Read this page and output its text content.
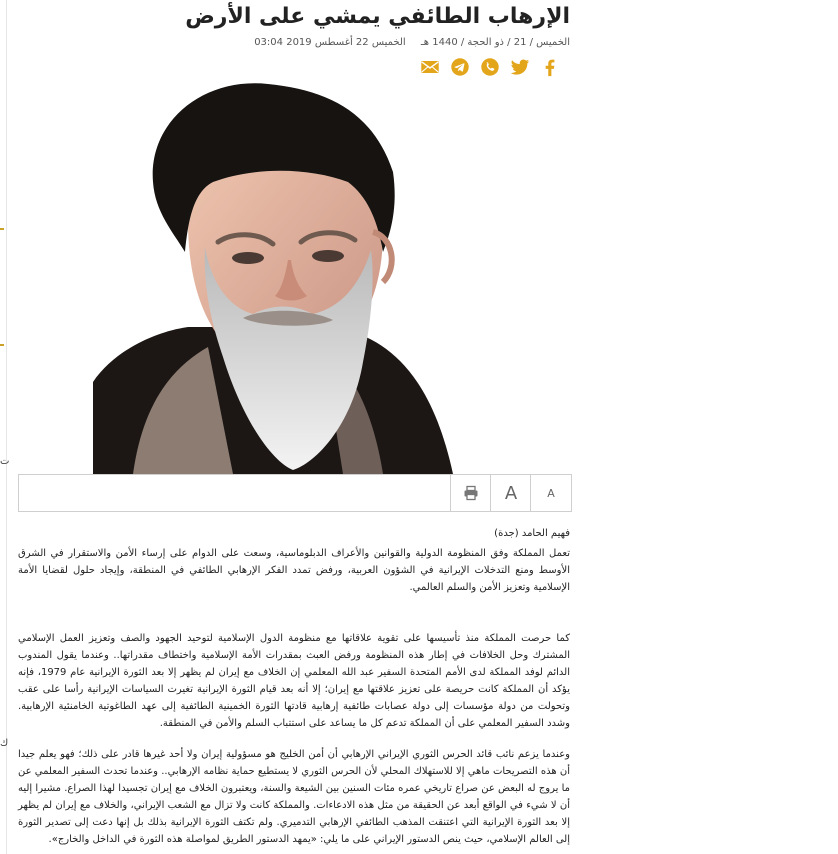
ت
ك
الإرهاب الطائفي يمشي على الأرض
الخميس / 21 / ذو الحجة / 1440 هـ الخميس 22 أغسطس 2019 03:04
A
A
فهيم الحامد (جدة)
تعمل المملكة وفق المنظومة الدولية والقوانين والأعراف الدبلوماسية، وسعت على الدوام على إرساء الأمن والاستقرار في الشرق الأوسط ومنع التدخلات الإيرانية في الشؤون العربية، ورفض تمدد الفكر الإرهابي الطائفي في المنطقة، وإيجاد حلول لقضايا الأمة الإسلامية وتعزيز الأمن والسلم العالمي.
كما حرصت المملكة منذ تأسيسها على تقوية علاقاتها مع منظومة الدول الإسلامية لتوحيد الجهود والصف وتعزيز العمل الإسلامي المشترك وحل الخلافات في إطار هذه المنظومة ورفض العبث بمقدرات الأمة الإسلامية واختطاف مقدراتها.. وعندما يقول المندوب الدائم لوفد المملكة لدى الأمم المتحدة السفير عبد الله المعلمي إن الخلاف مع إيران لم يظهر إلا بعد الثورة الإيرانية عام 1979، فإنه يؤكد أن المملكة كانت حريصة على تعزيز علاقتها مع إيران؛ إلا أنه بعد قيام الثورة الإيرانية تغيرت السياسات الإيرانية رأسا على عقب وتحولت من دولة مؤسسات إلى دولة عصابات طائفية إرهابية قادتها الثورة الخمينية الطائفية إلى عهد الطاغوتية الخامنئية الإرهابية. وشدد السفير المعلمي على أن المملكة تدعم كل ما يساعد على استتباب السلم والأمن في المنطقة.
وعندما يزعم نائب قائد الحرس الثوري الإيراني الإرهابي أن أمن الخليج هو مسؤولية إيران ولا أحد غيرها قادر على ذلك؛ فهو يعلم جيدا أن هذه التصريحات ماهي إلا للاستهلاك المحلي لأن الحرس الثوري لا يستطيع حماية نظامه الإرهابي.. وعندما تحدث السفير المعلمي عن ما يروج له البعض عن صراع تاريخي عمره مئات السنين بين الشيعة والسنة، ويعتبرون الخلاف مع إيران تجسيدا لهذا الصراع. مشيرا إليه أن لا شيء في الواقع أبعد عن الحقيقة من مثل هذه الادعاءات. والمملكة كانت ولا تزال مع الشعب الإيراني، والخلاف مع إيران لم يظهر إلا بعد الثورة الإيرانية التي اعتنقت المذهب الطائفي الإرهابي التدميري. ولم تكتف الثورة الإيرانية بذلك بل إنها دعت إلى تصدير الثورة إلى العالم الإسلامي، حيث ينص الدستور الإيراني على ما يلي: «يمهد الدستور الطريق لمواصلة هذه الثورة في الداخل والخارج».
